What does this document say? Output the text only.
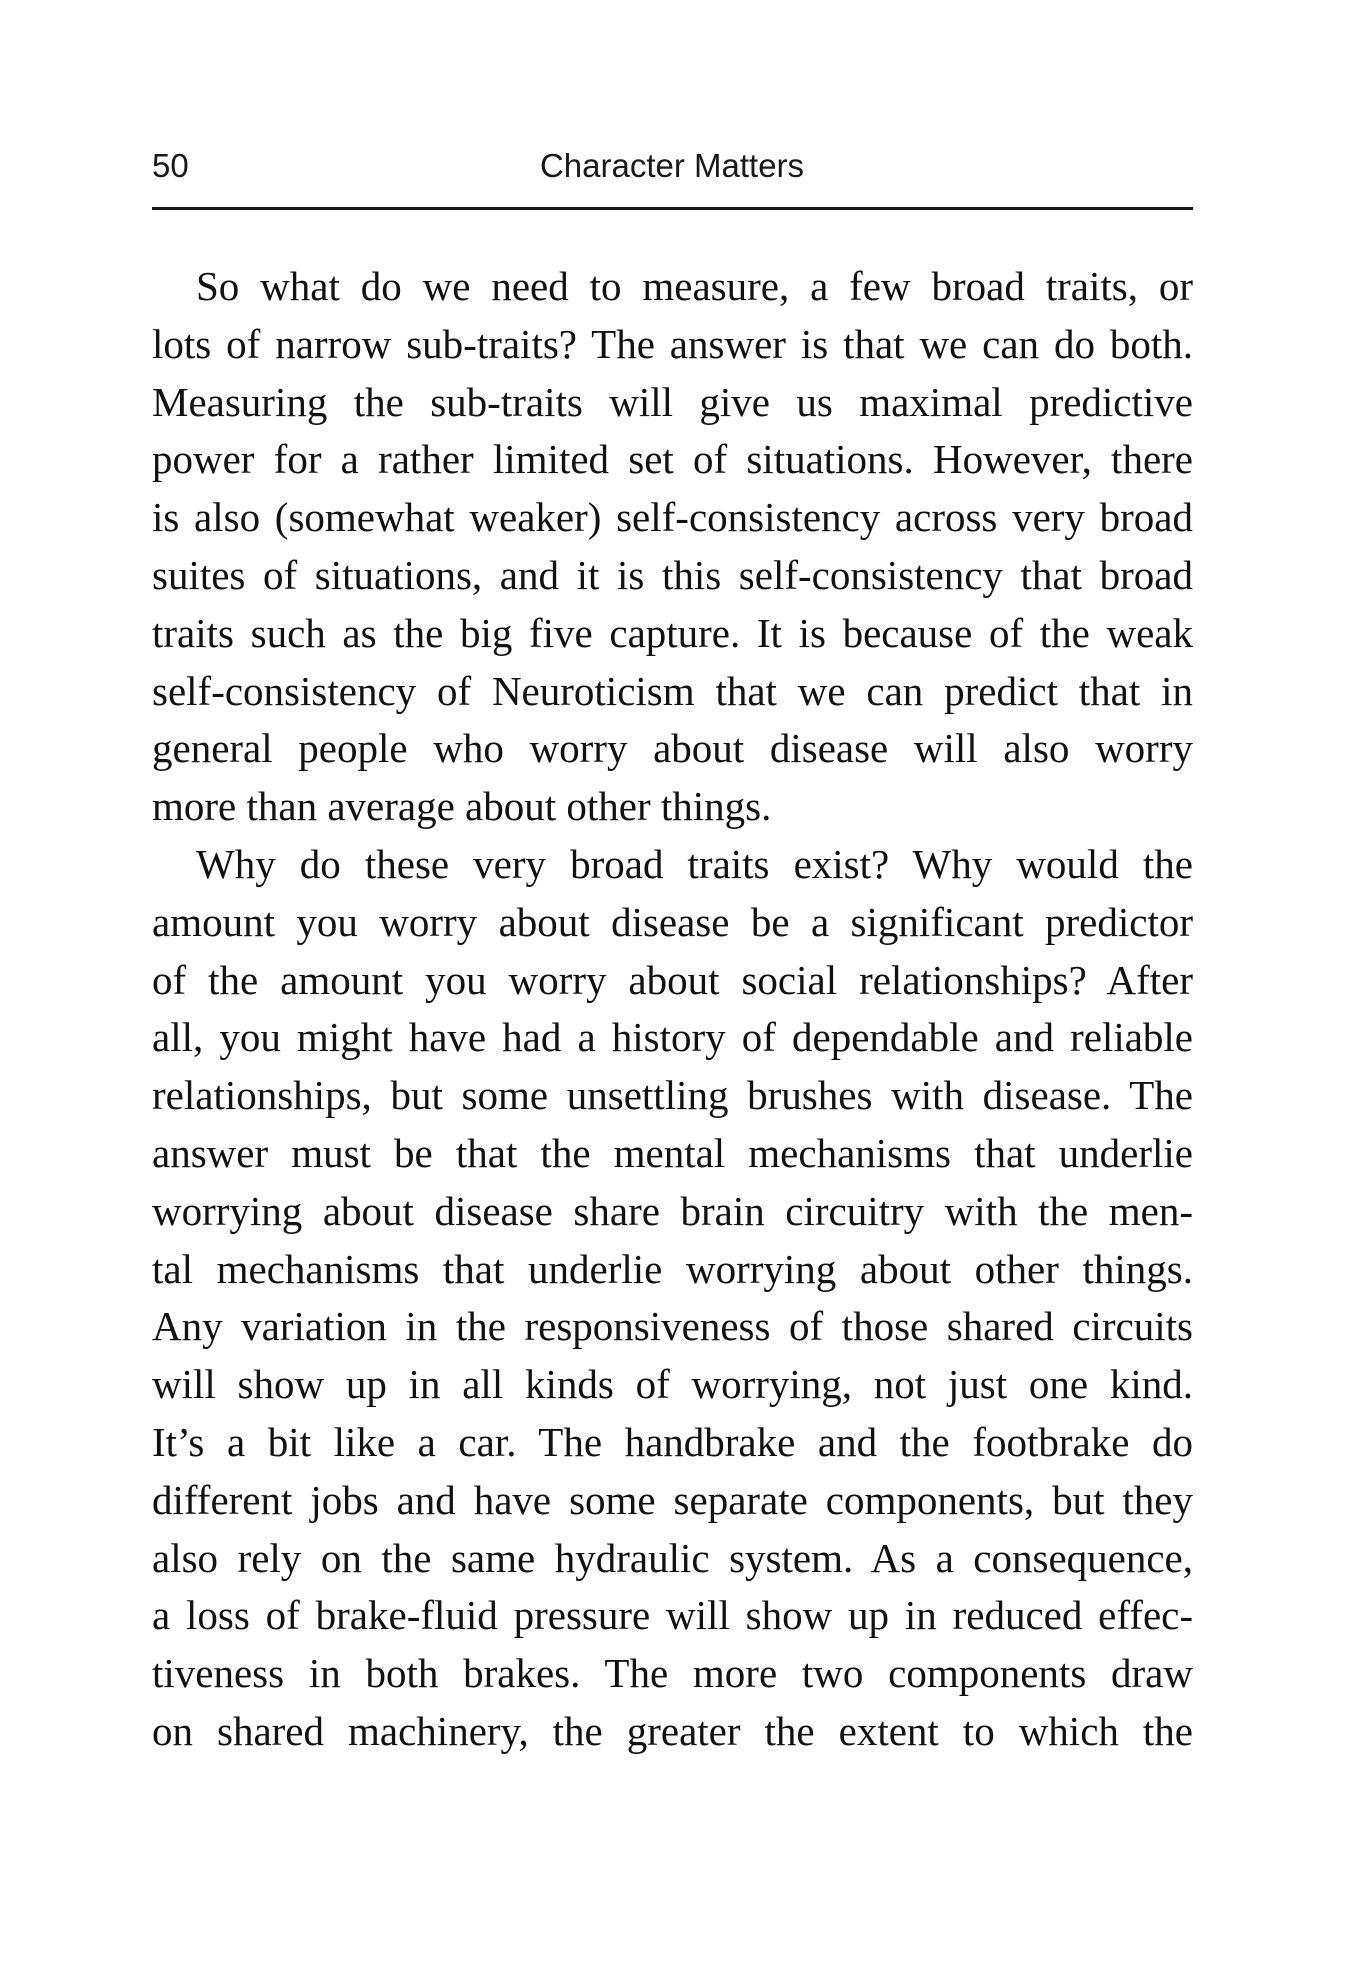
50	Character Matters
So what do we need to measure, a few broad traits, or
lots of narrow sub-traits? The answer is that we can do both.
Measuring the sub-traits will give us maximal predictive
power for a rather limited set of situations. However, there
is also (somewhat weaker) self-consistency across very broad
suites of situations, and it is this self-consistency that broad
traits such as the big five capture. It is because of the weak
self-consistency of Neuroticism that we can predict that in
general people who worry about disease will also worry
more than average about other things.
Why do these very broad traits exist? Why would the
amount you worry about disease be a significant predictor
of the amount you worry about social relationships? After
all, you might have had a history of dependable and reliable
relationships, but some unsettling brushes with disease. The
answer must be that the mental mechanisms that underlie
worrying about disease share brain circuitry with the men-
tal mechanisms that underlie worrying about other things.
Any variation in the responsiveness of those shared circuits
will show up in all kinds of worrying, not just one kind.
It’s a bit like a car. The handbrake and the footbrake do
different jobs and have some separate components, but they
also rely on the same hydraulic system. As a consequence,
a loss of brake-fluid pressure will show up in reduced effec-
tiveness in both brakes. The more two components draw
on shared machinery, the greater the extent to which the
